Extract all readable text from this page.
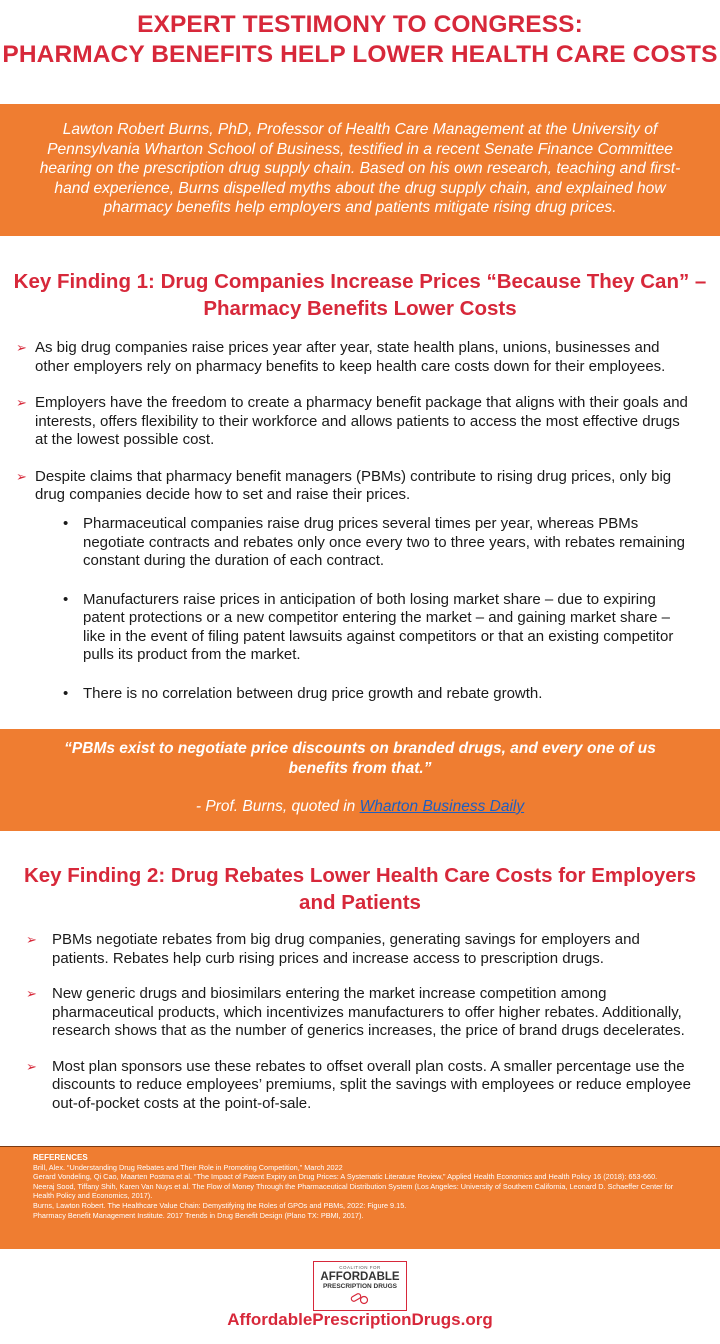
EXPERT TESTIMONY TO CONGRESS:
PHARMACY BENEFITS HELP LOWER HEALTH CARE COSTS
Lawton Robert Burns, PhD, Professor of Health Care Management at the University of Pennsylvania Wharton School of Business, testified in a recent Senate Finance Committee hearing on the prescription drug supply chain. Based on his own research, teaching and first-hand experience, Burns dispelled myths about the drug supply chain, and explained how pharmacy benefits help employers and patients mitigate rising drug prices.
Key Finding 1: Drug Companies Increase Prices “Because They Can” –
Pharmacy Benefits Lower Costs
➢ As big drug companies raise prices year after year, state health plans, unions, businesses and other employers rely on pharmacy benefits to keep health care costs down for their employees.
➢ Employers have the freedom to create a pharmacy benefit package that aligns with their goals and interests, offers flexibility to their workforce and allows patients to access the most effective drugs at the lowest possible cost.
➢ Despite claims that pharmacy benefit managers (PBMs) contribute to rising drug prices, only big drug companies decide how to set and raise their prices.
• Pharmaceutical companies raise drug prices several times per year, whereas PBMs negotiate contracts and rebates only once every two to three years, with rebates remaining constant during the duration of each contract.
• Manufacturers raise prices in anticipation of both losing market share – due to expiring patent protections or a new competitor entering the market – and gaining market share – like in the event of filing patent lawsuits against competitors or that an existing competitor pulls its product from the market.
• There is no correlation between drug price growth and rebate growth.
“PBMs exist to negotiate price discounts on branded drugs, and every one of us benefits from that.”
- Prof. Burns, quoted in Wharton Business Daily
Key Finding 2: Drug Rebates Lower Health Care Costs for Employers
and Patients
➢ PBMs negotiate rebates from big drug companies, generating savings for employers and patients. Rebates help curb rising prices and increase access to prescription drugs.
➢ New generic drugs and biosimilars entering the market increase competition among pharmaceutical products, which incentivizes manufacturers to offer higher rebates. Additionally, research shows that as the number of generics increases, the price of brand drugs decelerates.
➢ Most plan sponsors use these rebates to offset overall plan costs. A smaller percentage use the discounts to reduce employees’ premiums, split the savings with employees or reduce employee out-of-pocket costs at the point-of-sale.
REFERENCES
Brill, Alex. “Understanding Drug Rebates and Their Role in Promoting Competition,” March 2022
Gerard Vondeling, Qi Cao, Maarten Postma et al. “The Impact of Patent Expiry on Drug Prices: A Systematic Literature Review,” Applied Health Economics and Health Policy 16 (2018): 653-660.
Neeraj Sood, Tiffany Shih, Karen Van Nuys et al. The Flow of Money Through the Pharmaceutical Distribution System (Los Angeles: University of Southern California, Leonard D. Schaeffer Center for Health Policy and Economics, 2017).
Burns, Lawton Robert. The Healthcare Value Chain: Demystifying the Roles of GPOs and PBMs, 2022: Figure 9.15.
Pharmacy Benefit Management Institute. 2017 Trends in Drug Benefit Design (Plano TX: PBMI, 2017).
COALITION FOR
AFFORDABLE
PRESCRIPTION DRUGS
AffordablePrescriptionDrugs.org
